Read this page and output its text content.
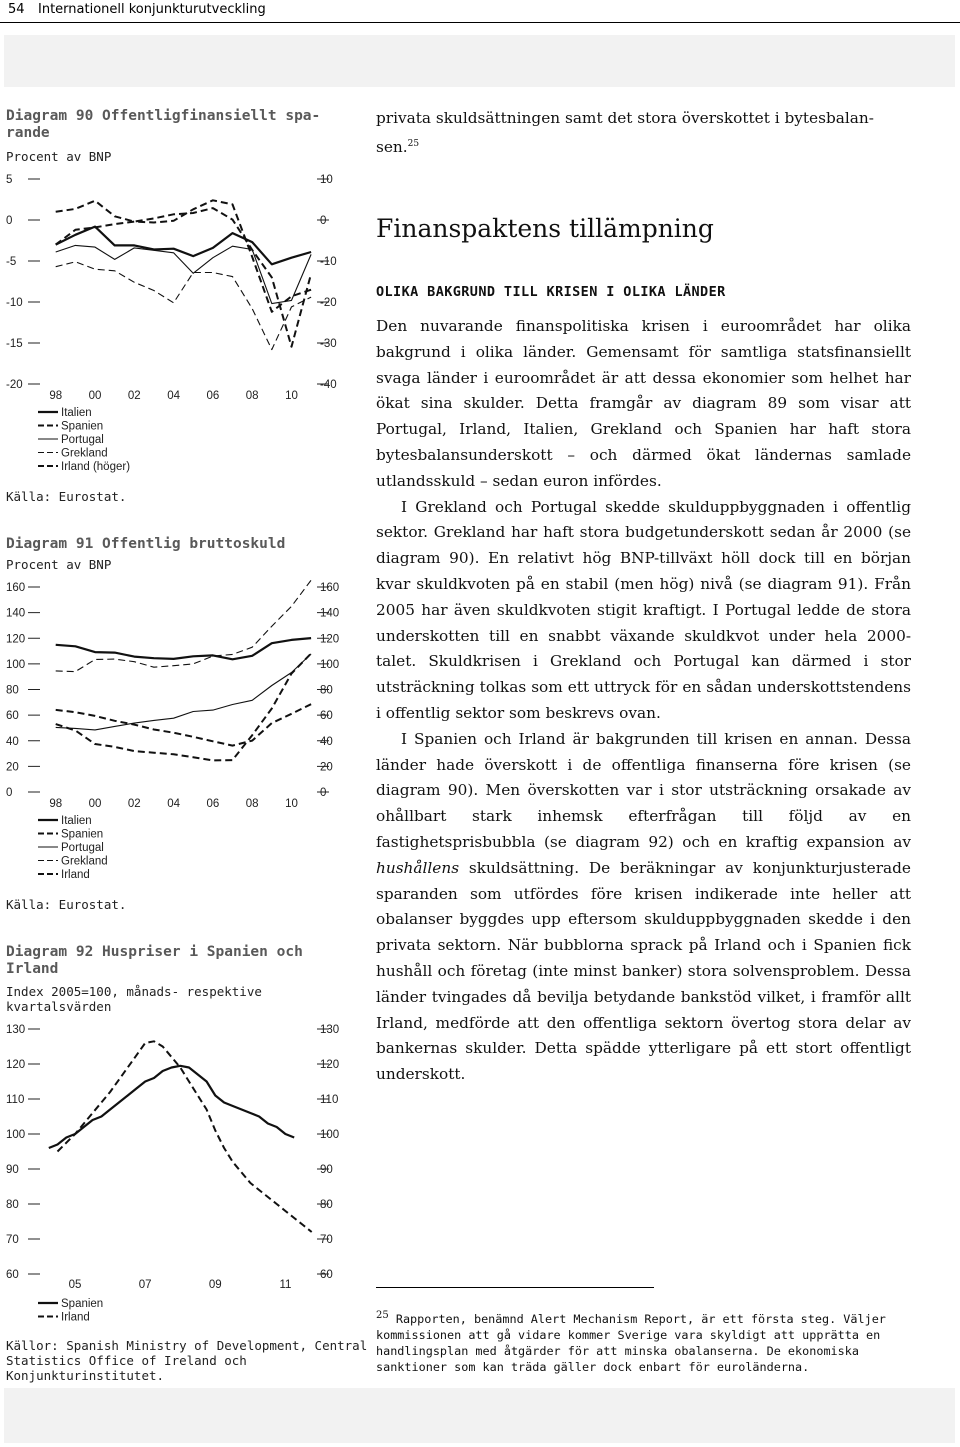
54 Internationell konjunkturutveckling
Diagram 90 Offentligfinansiellt spa-
rande
Procent av BNP
5	10
0	0
-5	-10
-10	-20
-15	-30
-20	-40
98 00 02 04 06 08 10
Italien
Spanien
Portugal
Grekland
Irland (höger)
Källa: Eurostat.
Diagram 91 Offentlig bruttoskuld
Procent av BNP
160	160
140	140
120	120
100	100
80	80
60	60
40	40
20	20
0	0
98 00 02 04 06 08 10
Italien
Spanien
Portugal
Grekland
Irland
Källa: Eurostat.
Diagram 92 Huspriser i Spanien och
Irland
Index 2005=100, månads- respektive
kvartalsvärden
130	130
120	120
110	110
100	100
90	90
80	80
70	70
60	60
05	07	09	11
Spanien
Irland
Källor: Spanish Ministry of Development, Central
Statistics Office of Ireland och
Konjunkturinstitutet.
privata skuldsättningen samt det stora överskottet i bytesbalan-
sen.$^{25}$
Finanspaktens tillämpning
OLIKA BAKGRUND TILL KRISEN I OLIKA LÄNDER

Den nuvarande finanspolitiska krisen i euroområdet har olika bakgrund i olika länder. Gemensamt för samtliga statsfinansiellt svaga länder i euroområdet är att dessa ekonomier som helhet har ökat sina skulder. Detta framgår av diagram 89 som visar att Portugal, Irland, Italien, Grekland och Spanien har haft stora bytesbalansunderskott – och därmed ökat ländernas samlade utlandsskuld – sedan euron infördes.

I Grekland och Portugal skedde skulduppbyggnaden i offentlig sektor. Grekland har haft stora budgetunderskott sedan år 2000 (se diagram 90). En relativt hög BNP-tillväxt höll dock till en början kvar skuldkvoten på en stabil (men hög) nivå (se diagram 91). Från 2005 har även skuldkvoten stigit kraftigt. I Portugal ledde de stora underskotten till en snabbt växande skuldkvot under hela 2000-talet. Skuldkrisen i Grekland och Portugal kan därmed i stor utsträckning tolkas som ett uttryck för en sådan underskottstendens i offentlig sektor som beskrevs ovan.

I Spanien och Irland är bakgrunden till krisen en annan. Dessa länder hade överskott i de offentliga finanserna före krisen (se diagram 90). Men överskotten var i stor utsträckning orsakade av ohållbart stark inhemsk efterfrågan till följd av en fastighetsprisbubbla (se diagram 92) och en kraftig expansion av hushållens skuldsättning. De beräkningar av konjunkturjusterade sparanden som utfördes före krisen indikerade inte heller att obalanser byggdes upp eftersom skulduppbyggnaden skedde i den privata sektorn. När bubblorna sprack på Irland och i Spanien fick hushåll och företag (inte minst banker) stora solvensproblem. Dessa länder tvingades då bevilja betydande bankstöd vilket, i framför allt Irland, medförde att den offentliga sektorn övertog stora delar av bankernas skulder. Detta spädde ytterligare på ett stort offentligt underskott.

$^{25}$ Rapporten, benämnd Alert Mechanism Report, är ett första steg. Väljer kommissionen att gå vidare kommer Sverige vara skyldigt att upprätta en handlingsplan med åtgärder för att minska obalanserna. De ekonomiska sanktioner som kan träda gäller dock enbart för euroländerna.
